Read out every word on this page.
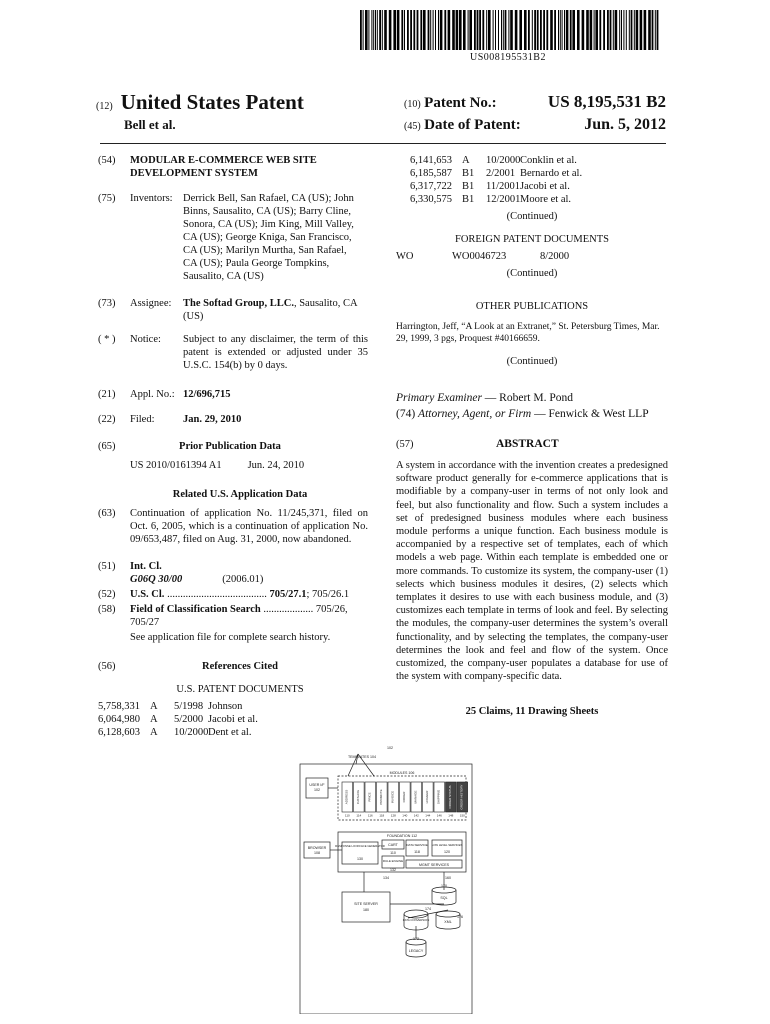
US008195531B2
(12) United States Patent
Bell et al.
(10) Patent No.:	US 8,195,531 B2
(45) Date of Patent:	Jun. 5, 2012
(54)	MODULAR E-COMMERCE WEB SITE DEVELOPMENT SYSTEM
(75)	Inventors: Derrick Bell, San Rafael, CA (US); John Binns, Sausalito, CA (US); Barry Cline, Sonora, CA (US); Jim King, Mill Valley, CA (US); George Kniga, San Francisco, CA (US); Marilyn Murtha, San Rafael, CA (US); Paula George Tompkins, Sausalito, CA (US)
(73)	Assignee:	The Softad Group, LLC., Sausalito, CA (US)
( * )	Notice:	Subject to any disclaimer, the term of this patent is extended or adjusted under 35 U.S.C. 154(b) by 0 days.
(21)	Appl. No.: 12/696,715
(22)	Filed:	Jan. 29, 2010
(65)	Prior Publication Data
US 2010/0161394 A1 Jun. 24, 2010
Related U.S. Application Data
(63)	Continuation of application No. 11/245,371, filed on Oct. 6, 2005, which is a continuation of application No. 09/653,487, filed on Aug. 31, 2000, now abandoned.
(51)	Int. Cl.
G06Q 30/00	(2006.01)
(52)	U.S. Cl. ...................................... 705/27.1; 705/26.1
(58)	Field of Classification Search ................... 705/26, 705/27
See application file for complete search history.
(56)	References Cited
U.S. PATENT DOCUMENTS
5,758,331 A	5/1998 Johnson
6,064,980 A	5/2000 Jacobi et al.
6,128,603 A	10/2000 Dent et al.
6,141,653 A	10/2000 Conklin et al.
6,185,587 B1	2/2001 Bernardo et al.
6,317,722 B1	11/2001 Jacobi et al.
6,330,575 B1	12/2001 Moore et al.
(Continued)
FOREIGN PATENT DOCUMENTS
WO	WO0046723	8/2000
(Continued)
OTHER PUBLICATIONS
Harrington, Jeff, “A Look at an Extranet,” St. Petersburg Times, Mar. 29, 1999, 3 pgs, Proquest #40166659.
(Continued)
Primary Examiner — Robert M. Pond
(74) Attorney, Agent, or Firm — Fenwick & West LLP
(57)	ABSTRACT
A system in accordance with the invention creates a predesigned software product generally for e-commerce applications that is modifiable by a company-user in terms of not only look and feel, but also functionality and flow. Such a system includes a set of predesigned business modules where each business module performs a unique function. Each business module is accompanied by a respective set of templates, each of which models a web page. Within each template is embedded one or more commands. To customize its system, the company-user (1) selects which business modules it desires, (2) selects which templates it desires to use with each business module, and (3) customizes each template in terms of look and feel. By selecting the modules, the company-user determines the system’s overall functionality, and by selecting the templates, the company-user determines the look and feel and flow of the system. Once customized, the company-user populates a database for use of the system with company-specific data.
25 Claims, 11 Drawing Sheets
ADDRESS
110
CATALOG
114
PRICE
116
PROMOTE
118
INVOICE
128
ORDER
140
MANAGE
142
LOGGER
144
SHIPPING
146
ORDER STATUS
148
ORDER HISTORY
150
102
TEMPLATES 104
MODULES 106
USER I/F
102
FOUNDATION 112
BROWSER
108
RESPONSE LOOKFACE GENERATOR
130
CART
110
RULE ENGINE
132
DATA SERVICE
118
LOW LEVEL SERVICES
120
MGMT SERVICES
134	160
SITE SERVER
180
170
SQL
DATA CONVERSION
174
XML
176
172
LEGACY
